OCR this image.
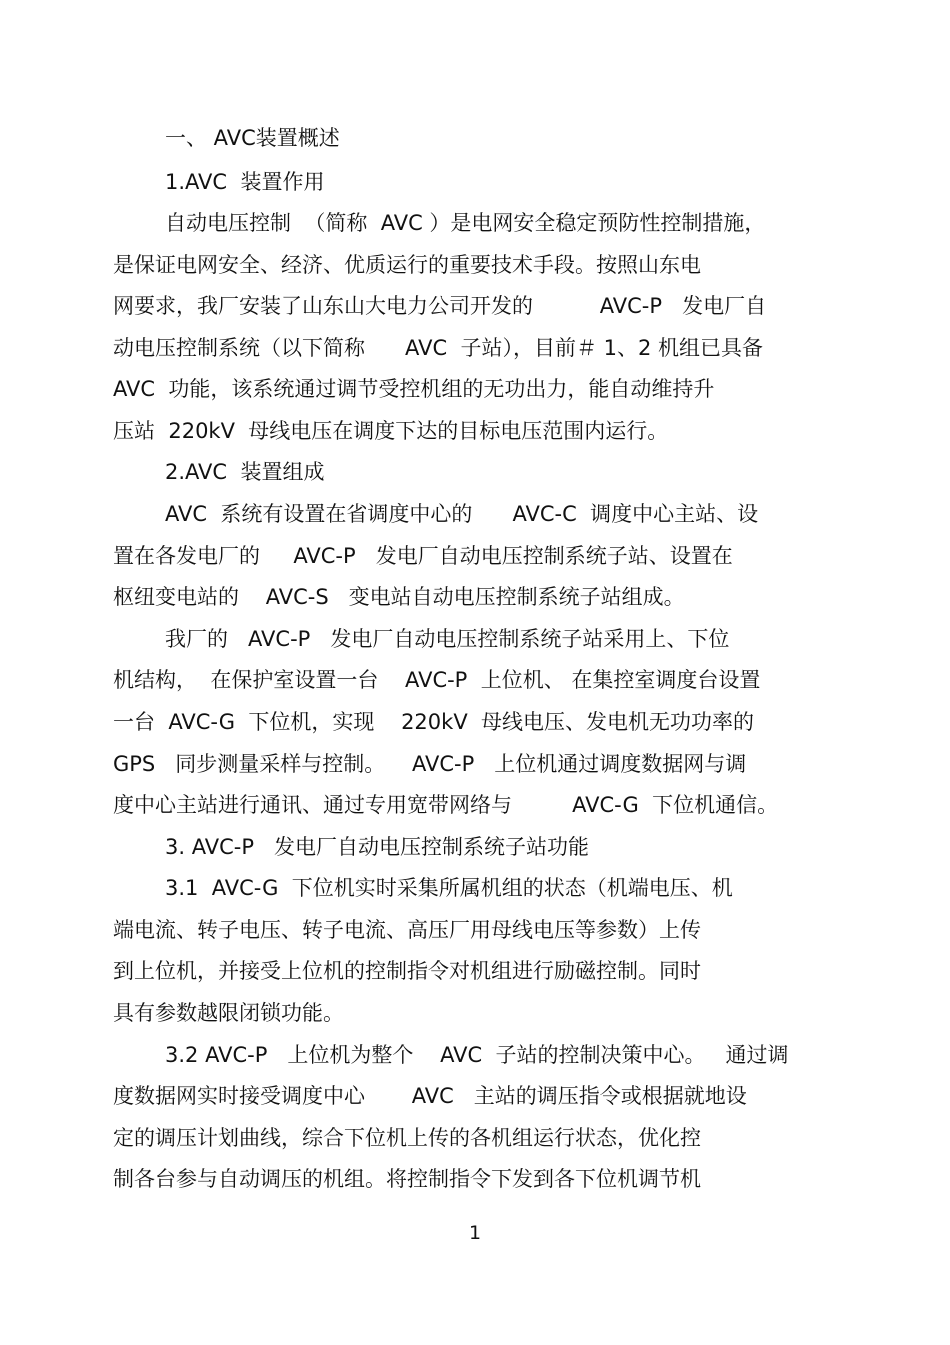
一、 AVC装置概述
1.AVC  装置作用
自动电压控制  （简称  AVC ）是电网安全稳定预防性控制措施，
是保证电网安全、经济、优质运行的重要技术手段。按照山东电
网要求，我厂安装了山东山大电力公司开发的          AVC-P   发电厂自
动电压控制系统（以下简称      AVC  子站），目前＃ 1、2 机组已具备
AVC  功能，该系统通过调节受控机组的无功出力，能自动维持升
压站  220kV  母线电压在调度下达的目标电压范围内运行。
2.AVC  装置组成
AVC  系统有设置在省调度中心的      AVC-C  调度中心主站、设
置在各发电厂的     AVC-P   发电厂自动电压控制系统子站、设置在
枢纽变电站的    AVC-S   变电站自动电压控制系统子站组成。
我厂的   AVC-P   发电厂自动电压控制系统子站采用上、下位
机结构，  在保护室设置一台    AVC-P  上位机、 在集控室调度台设置
一台  AVC-G  下位机，实现    220kV  母线电压、发电机无功功率的
GPS   同步测量采样与控制。    AVC-P   上位机通过调度数据网与调
度中心主站进行通讯、通过专用宽带网络与         AVC-G  下位机通信。
3. AVC-P   发电厂自动电压控制系统子站功能
3.1  AVC-G  下位机实时采集所属机组的状态（机端电压、机
端电流、转子电压、转子电流、高压厂用母线电压等参数）上传
到上位机，并接受上位机的控制指令对机组进行励磁控制。同时
具有参数越限闭锁功能。
3.2 AVC-P   上位机为整个    AVC  子站的控制决策中心。   通过调
度数据网实时接受调度中心       AVC   主站的调压指令或根据就地设
定的调压计划曲线，综合下位机上传的各机组运行状态，优化控
制各台参与自动调压的机组。将控制指令下发到各下位机调节机
1
